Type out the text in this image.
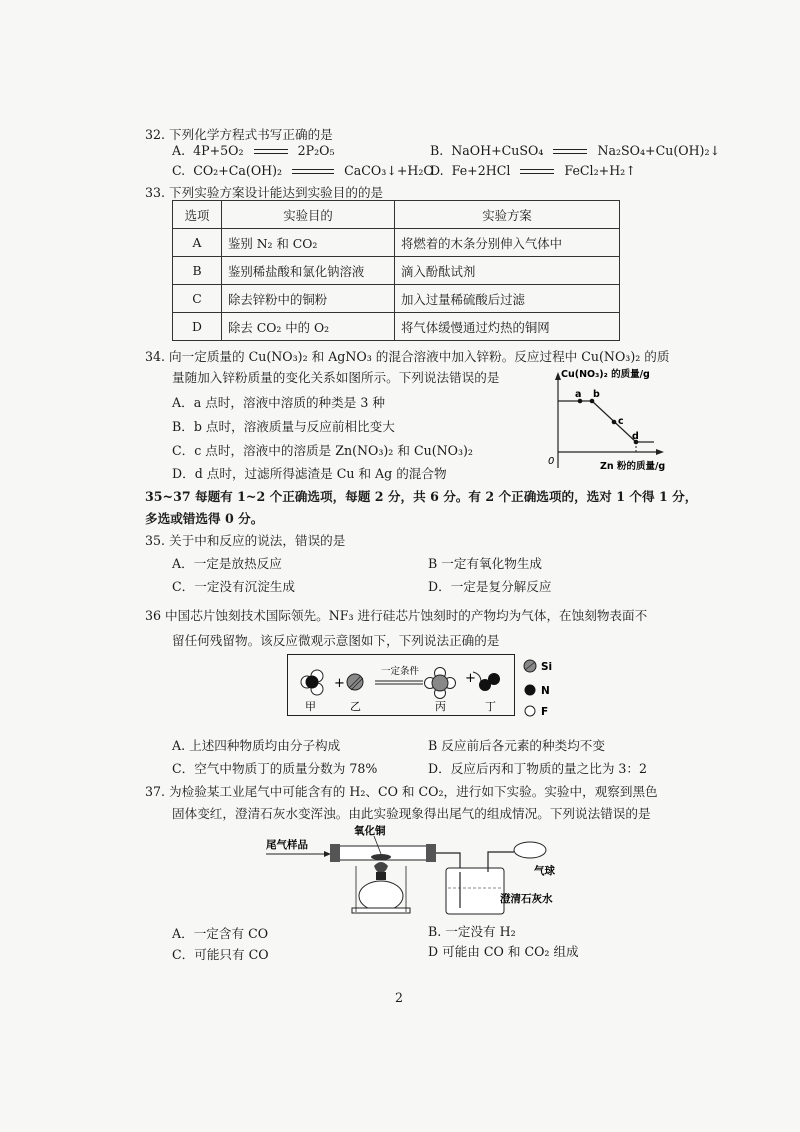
32. 下列化学方程式书写正确的是
A. 4P+5O₂	2P₂O₅	B. NaOH+CuSO₄	Na₂SO₄+Cu(OH)₂↓
C. CO₂+Ca(OH)₂	CaCO₃↓+H₂O
D. Fe+2HCl	FeCl₂+H₂↑
33. 下列实验方案设计能达到实验目的的是
选项	实验目的	实验方案
A	鉴别 N₂ 和 CO₂	将燃着的木条分别伸入气体中
B	鉴别稀盐酸和氯化钠溶液	滴入酚酞试剂
C	除去锌粉中的铜粉	加入过量稀硫酸后过滤
D	除去 CO₂ 中的 O₂	将气体缓慢通过灼热的铜网
34. 向一定质量的 Cu(NO₃)₂ 和 AgNO₃ 的混合溶液中加入锌粉。反应过程中 Cu(NO₃)₂ 的质
量随加入锌粉质量的变化关系如图所示。下列说法错误的是
A．a 点时，溶液中溶质的种类是 3 种
B．b 点时，溶液质量与反应前相比变大
C．c 点时，溶液中的溶质是 Zn(NO₃)₂ 和 Cu(NO₃)₂
D．d 点时，过滤所得滤渣是 Cu 和 Ag 的混合物
Cu(NO₃)₂ 的质量/g
Zn 粉的质量/g
0
a b
c
d
35~37 每题有 1~2 个正确选项，每题 2 分，共 6 分。有 2 个正确选项的，选对 1 个得 1 分，
多选或错选得 0 分。
35. 关于中和反应的说法，错误的是
A．一定是放热反应	B 一定有氧化物生成
C．一定没有沉淀生成	D．一定是复分解反应
36 中国芯片蚀刻技术国际领先。NF₃ 进行硅芯片蚀刻时的产物均为气体，在蚀刻物表面不
留任何残留物。该反应微观示意图如下，下列说法正确的是
+
一定条件	+
甲	乙	丙	丁
Si
N
F
A. 上述四种物质均由分子构成	B 反应前后各元素的种类均不变
C．空气中物质丁的质量分数为 78%	D．反应后丙和丁物质的量之比为 3：2
37. 为检验某工业尾气中可能含有的 H₂、CO 和 CO₂，进行如下实验。实验中，观察到黑色
固体变红，澄清石灰水变浑浊。由此实验现象得出尾气的组成情况。下列说法错误的是
氧化铜
尾气样品
气球
澄清石灰水
A．一定含有 CO	B. 一定没有 H₂
C．可能只有 CO	D 可能由 CO 和 CO₂ 组成
2
